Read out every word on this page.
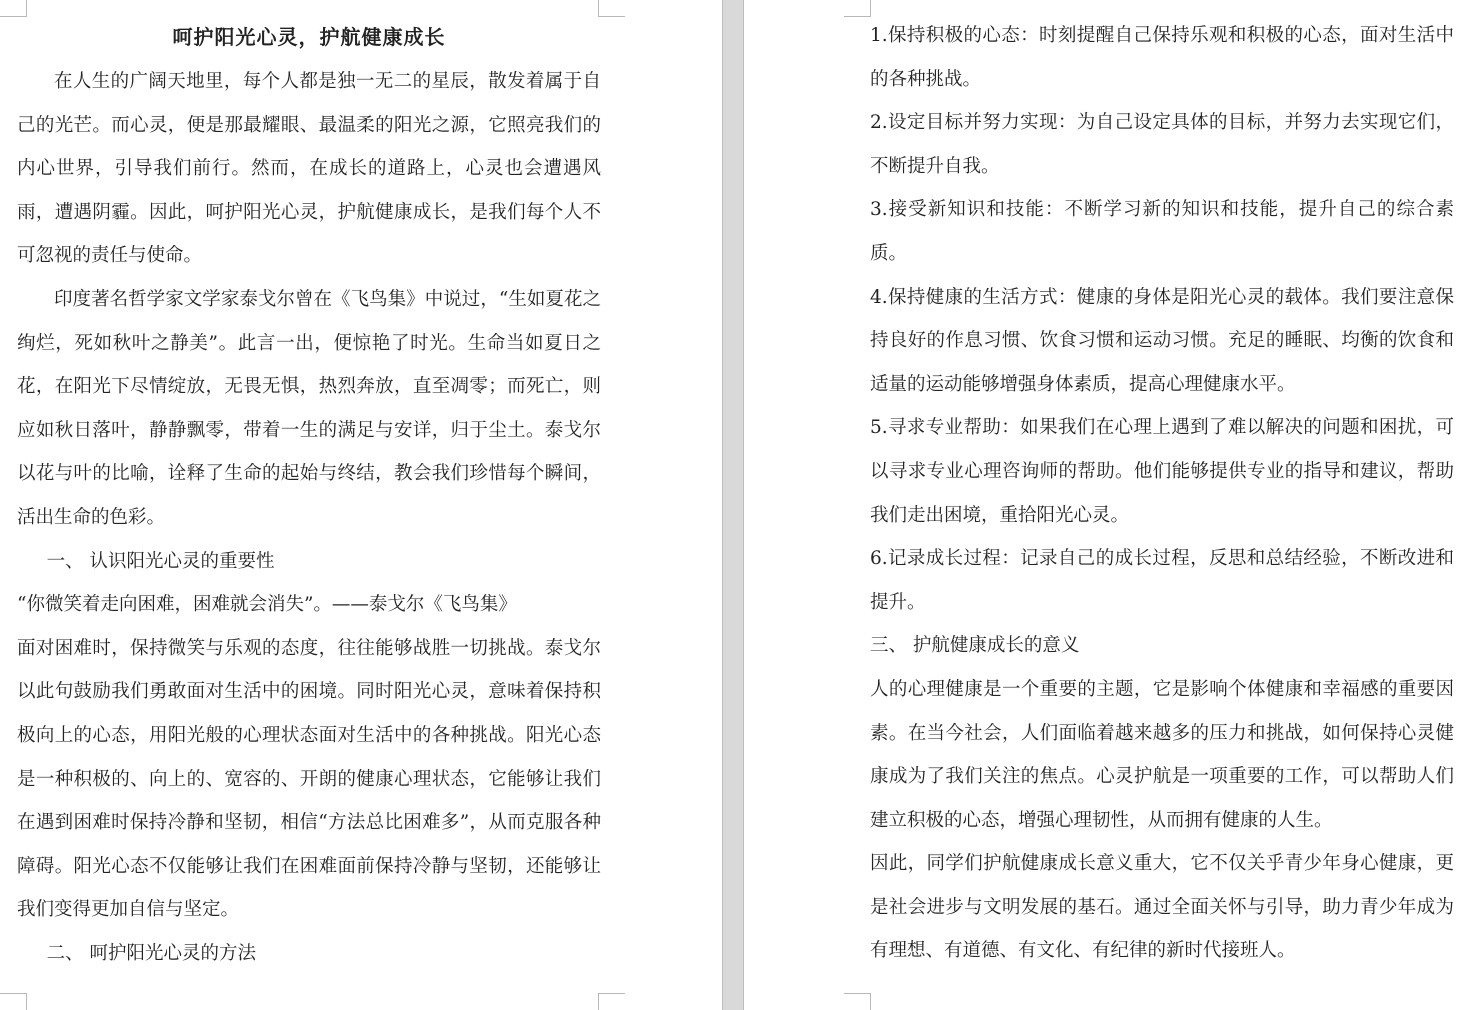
呵护阳光心灵，护航健康成长

在人生的广阔天地里，每个人都是独一无二的星辰，散发着属于自己的光芒。而心灵，便是那最耀眼、最温柔的阳光之源，它照亮我们的内心世界，引导我们前行。然而，在成长的道路上，心灵也会遭遇风雨，遭遇阴霾。因此，呵护阳光心灵，护航健康成长，是我们每个人不可忽视的责任与使命。

印度著名哲学家文学家泰戈尔曾在《飞鸟集》中说过，“生如夏花之绚烂，死如秋叶之静美”。此言一出，便惊艳了时光。生命当如夏日之花，在阳光下尽情绽放，无畏无惧，热烈奔放，直至凋零；而死亡，则应如秋日落叶，静静飘零，带着一生的满足与安详，归于尘土。泰戈尔以花与叶的比喻，诠释了生命的起始与终结，教会我们珍惜每个瞬间，活出生命的色彩。

一、 认识阳光心灵的重要性

“你微笑着走向困难，困难就会消失”。——泰戈尔《飞鸟集》

面对困难时，保持微笑与乐观的态度，往往能够战胜一切挑战。泰戈尔以此句鼓励我们勇敢面对生活中的困境。同时阳光心灵，意味着保持积极向上的心态，用阳光般的心理状态面对生活中的各种挑战。阳光心态是一种积极的、向上的、宽容的、开朗的健康心理状态，它能够让我们在遇到困难时保持冷静和坚韧，相信“方法总比困难多”，从而克服各种障碍。阳光心态不仅能够让我们在困难面前保持冷静与坚韧，还能够让我们变得更加自信与坚定。

二、 呵护阳光心灵的方法

1.保持积极的心态：时刻提醒自己保持乐观和积极的心态，面对生活中的各种挑战。

2.设定目标并努力实现：为自己设定具体的目标，并努力去实现它们，不断提升自我。

3.接受新知识和技能：不断学习新的知识和技能，提升自己的综合素质。

4.保持健康的生活方式：健康的身体是阳光心灵的载体。我们要注意保持良好的作息习惯、饮食习惯和运动习惯。充足的睡眠、均衡的饮食和适量的运动能够增强身体素质，提高心理健康水平。

5.寻求专业帮助：如果我们在心理上遇到了难以解决的问题和困扰，可以寻求专业心理咨询师的帮助。他们能够提供专业的指导和建议，帮助我们走出困境，重拾阳光心灵。

6.记录成长过程：记录自己的成长过程，反思和总结经验，不断改进和提升。

三、 护航健康成长的意义

人的心理健康是一个重要的主题，它是影响个体健康和幸福感的重要因素。在当今社会，人们面临着越来越多的压力和挑战，如何保持心灵健康成为了我们关注的焦点。心灵护航是一项重要的工作，可以帮助人们建立积极的心态，增强心理韧性，从而拥有健康的人生。

因此，同学们护航健康成长意义重大，它不仅关乎青少年身心健康，更是社会进步与文明发展的基石。通过全面关怀与引导，助力青少年成为有理想、有道德、有文化、有纪律的新时代接班人。
